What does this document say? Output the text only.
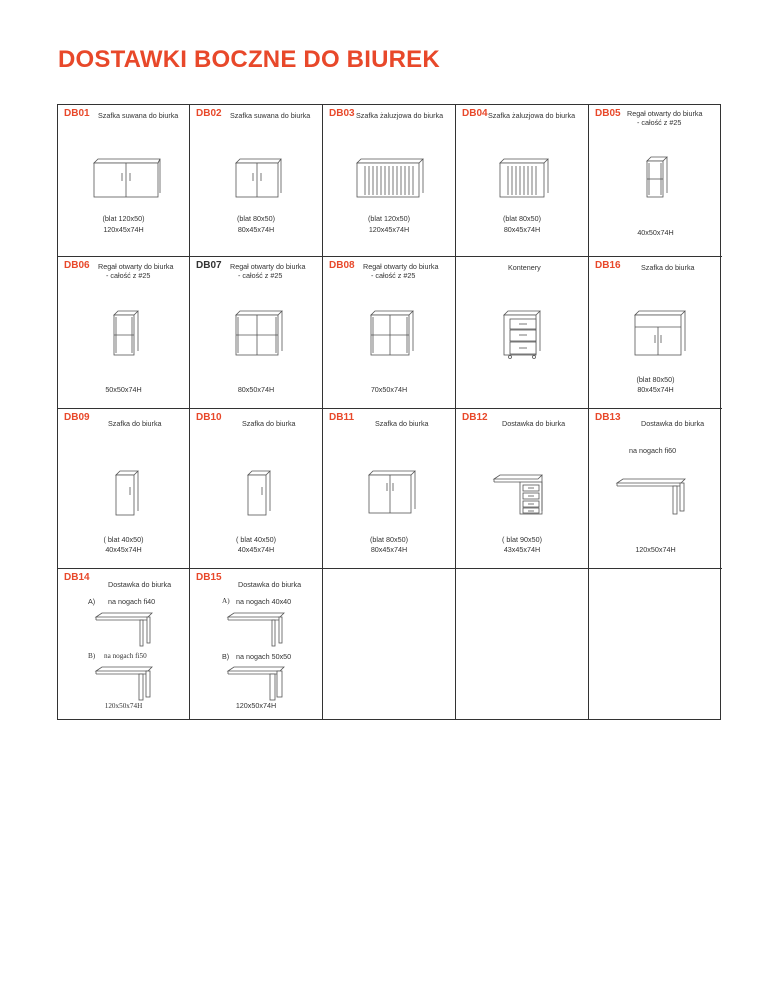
DOSTAWKI BOCZNE DO BIUREK
DB01 Szafka suwana do biurka
(blat 120x50)
120x45x74H
DB02 Szafka suwana do biurka
(blat 80x50)
80x45x74H
DB03 Szafka żaluzjowa do biurka
(blat 120x50)
120x45x74H
DB04 Szafka żaluzjowa do biurka
(blat 80x50)
80x45x74H
DB05 Regał otwarty do biurka
- całość z #25
40x50x74H
DB06 Regał otwarty do biurka
- całość z #25
50x50x74H
DB07 Regał otwarty do biurka
- całość z #25
80x50x74H
DB08 Regał otwarty do biurka
- całość z #25
70x50x74H
Kontenery	DB16	Szafka do biurka
(blat 80x50)
80x45x74H
DB09
Szafka do biurka
( blat 40x50)
40x45x74H
DB10
Szafka do biurka
( blat 40x50)
40x45x74H
DB11
Szafka do biurka
(blat 80x50)
80x45x74H
DB12
Dostawka do biurka
( blat 90x50)
43x45x74H
DB13
Dostawka do biurka
na nogach fi60
120x50x74H
DB14
Dostawka do biurka
A) na nogach fi40
B) na nogach fi50
120x50x74H
DB15
Dostawka do biurka
A) na nogach 40x40
B) na nogach 50x50
120x50x74H
